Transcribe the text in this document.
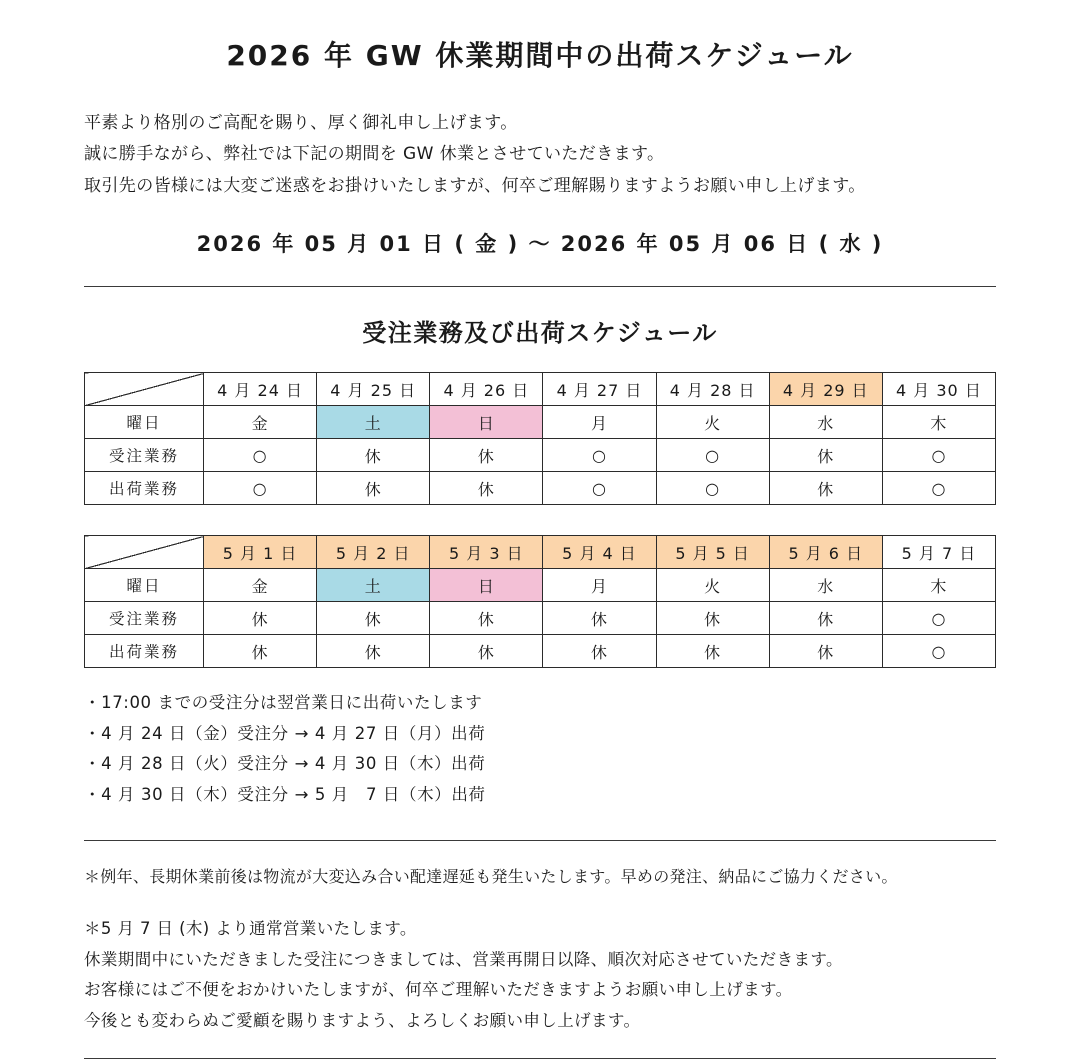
2026 年 GW 休業期間中の出荷スケジュール
平素より格別のご高配を賜り、厚く御礼申し上げます。
誠に勝手ながら、弊社では下記の期間を GW 休業とさせていただきます。
取引先の皆様には大変ご迷惑をお掛けいたしますが、何卒ご理解賜りますようお願い申し上げます。
2026 年 05 月 01 日 ( 金 ) 〜 2026 年 05 月 06 日 ( 水 )
受注業務及び出荷スケジュール
	4 月 24 日	4 月 25 日	4 月 26 日	4 月 27 日	4 月 28 日	4 月 29 日	4 月 30 日
曜日	金	土	日	月	火	水	木
受注業務	○	休	休	○	○	休	○
出荷業務	○	休	休	○	○	休	○
	5 月 1 日	5 月 2 日	5 月 3 日	5 月 4 日	5 月 5 日	5 月 6 日	5 月 7 日
曜日	金	土	日	月	火	水	木
受注業務	休	休	休	休	休	休	○
出荷業務	休	休	休	休	休	休	○
・17:00 までの受注分は翌営業日に出荷いたします
・4 月 24 日（金）受注分 → 4 月 27 日（月）出荷
・4 月 28 日（火）受注分 → 4 月 30 日（木）出荷
・4 月 30 日（木）受注分 → 5 月　7 日（木）出荷
＊例年、長期休業前後は物流が大変込み合い配達遅延も発生いたします。早めの発注、納品にご協力ください。
＊5 月 7 日 (木) より通常営業いたします。
休業期間中にいただきました受注につきましては、営業再開日以降、順次対応させていただきます。
お客様にはご不便をおかけいたしますが、何卒ご理解いただきますようお願い申し上げます。
今後とも変わらぬご愛顧を賜りますよう、よろしくお願い申し上げます。
